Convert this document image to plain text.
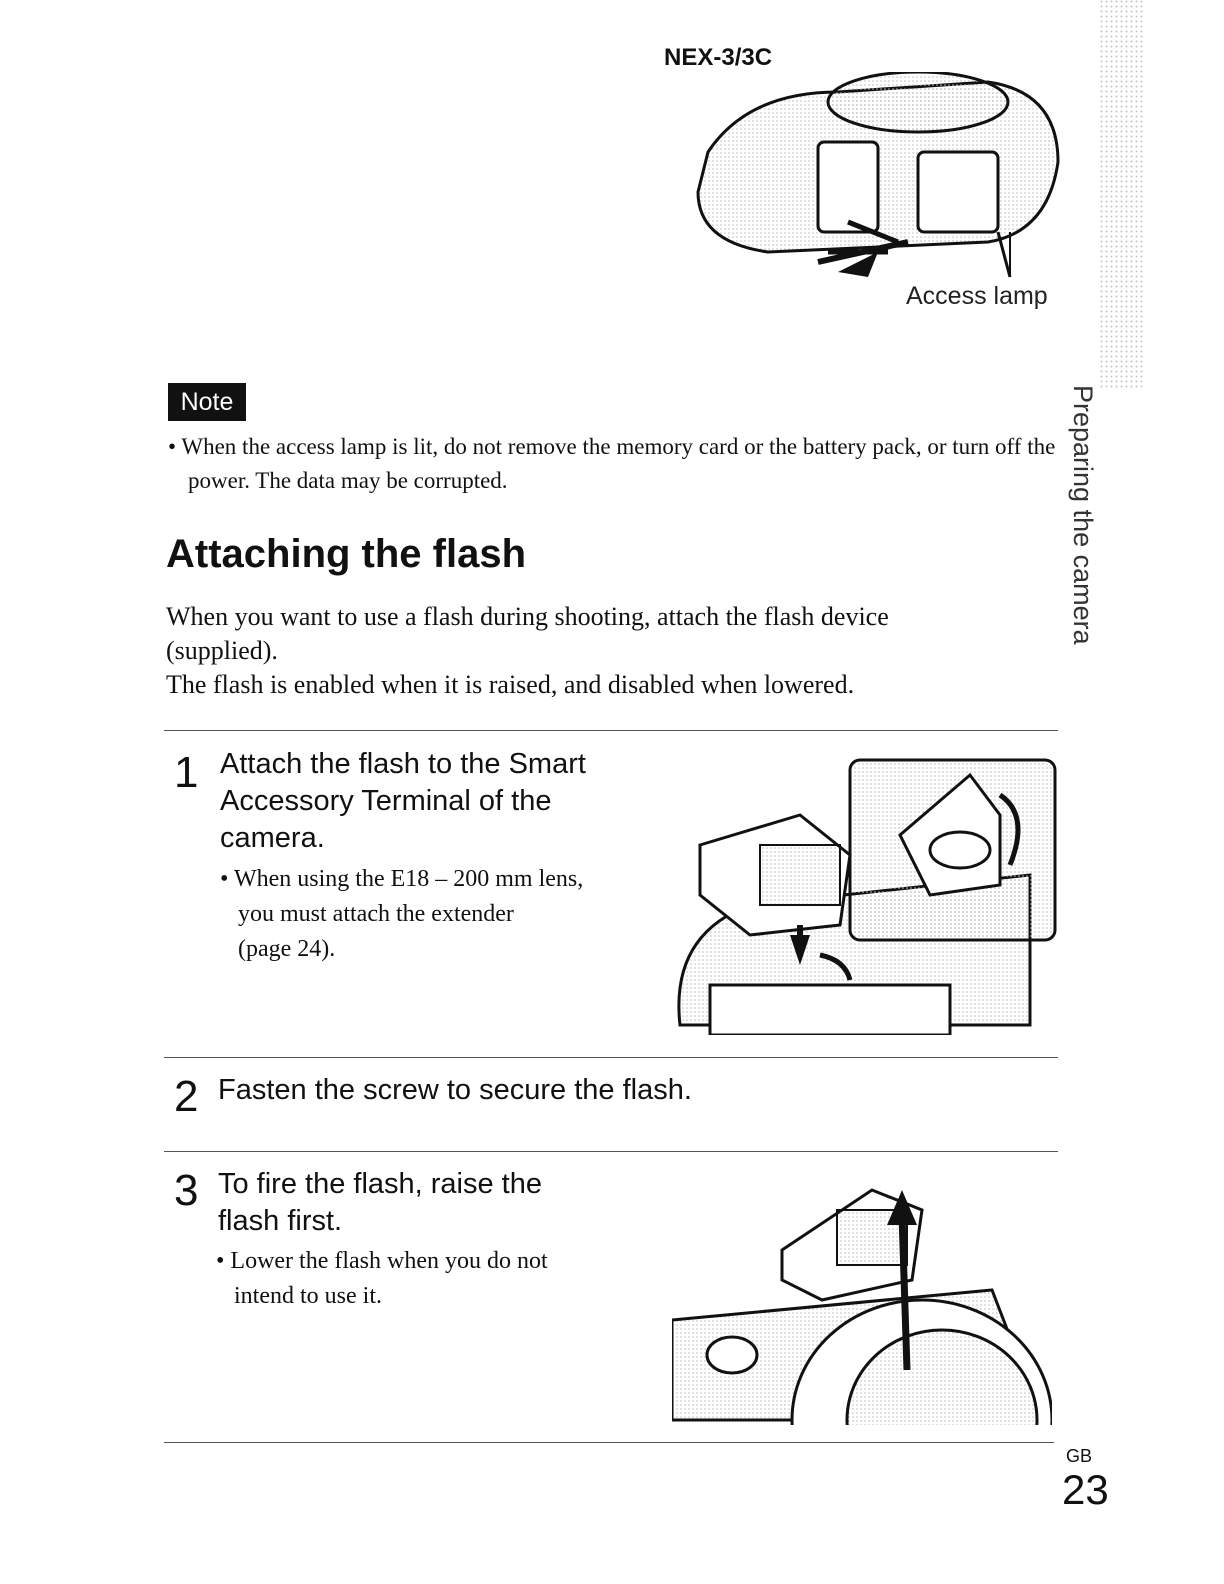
NEX-3/3C
Access lamp
Note
• When the access lamp is lit, do not remove the memory card or the battery pack, or turn off the power. The data may be corrupted.
Attaching the flash
When you want to use a flash during shooting, attach the flash device
(supplied).
The flash is enabled when it is raised, and disabled when lowered.
1 Attach the flash to the Smart
Accessory Terminal of the
camera.
• When using the E18 – 200 mm lens,
you must attach the extender
(page 24).
2 Fasten the screw to secure the flash.
3 To fire the flash, raise the
flash first.
• Lower the flash when you do not
intend to use it.
Preparing the camera
GB
23
